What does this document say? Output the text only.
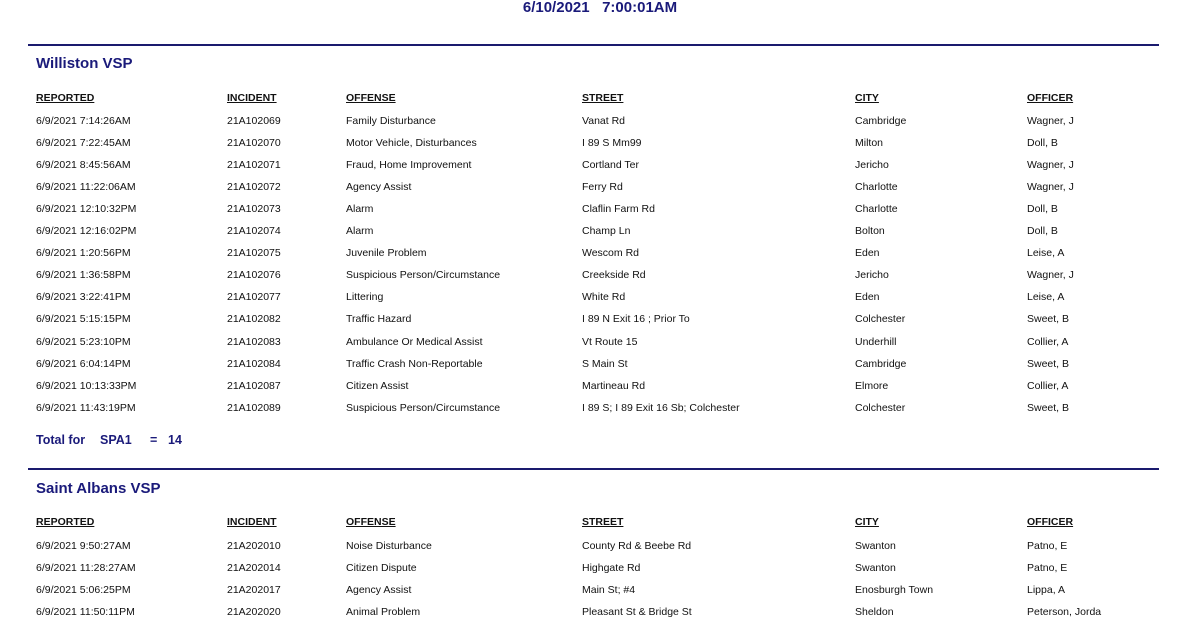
6/10/2021   7:00:01AM
Williston VSP
REPORTED	INCIDENT	OFFENSE	STREET	CITY	OFFICER
6/9/2021 7:14:26AM	21A102069	Family Disturbance	Vanat Rd	Cambridge	Wagner, J
6/9/2021 7:22:45AM	21A102070	Motor Vehicle, Disturbances	I 89 S Mm99	Milton	Doll, B
6/9/2021 8:45:56AM	21A102071	Fraud, Home Improvement	Cortland Ter	Jericho	Wagner, J
6/9/2021 11:22:06AM	21A102072	Agency Assist	Ferry Rd	Charlotte	Wagner, J
6/9/2021 12:10:32PM	21A102073	Alarm	Claflin Farm Rd	Charlotte	Doll, B
6/9/2021 12:16:02PM	21A102074	Alarm	Champ Ln	Bolton	Doll, B
6/9/2021 1:20:56PM	21A102075	Juvenile Problem	Wescom Rd	Eden	Leise, A
6/9/2021 1:36:58PM	21A102076	Suspicious Person/Circumstance	Creekside Rd	Jericho	Wagner, J
6/9/2021 3:22:41PM	21A102077	Littering	White Rd	Eden	Leise, A
6/9/2021 5:15:15PM	21A102082	Traffic Hazard	I 89 N Exit 16 ; Prior To	Colchester	Sweet, B
6/9/2021 5:23:10PM	21A102083	Ambulance Or Medical Assist	Vt Route 15	Underhill	Collier, A
6/9/2021 6:04:14PM	21A102084	Traffic Crash Non-Reportable	S Main St	Cambridge	Sweet, B
6/9/2021 10:13:33PM	21A102087	Citizen Assist	Martineau Rd	Elmore	Collier, A
6/9/2021 11:43:19PM	21A102089	Suspicious Person/Circumstance	I 89 S; I 89 Exit 16 Sb; Colchester	Colchester	Sweet, B
Total for SPA1 = 14
Saint Albans VSP
REPORTED	INCIDENT	OFFENSE	STREET	CITY	OFFICER
6/9/2021 9:50:27AM	21A202010	Noise Disturbance	County Rd & Beebe Rd	Swanton	Patno, E
6/9/2021 11:28:27AM	21A202014	Citizen Dispute	Highgate Rd	Swanton	Patno, E
6/9/2021 5:06:25PM	21A202017	Agency Assist	Main St; #4	Enosburgh Town	Lippa, A
6/9/2021 11:50:11PM	21A202020	Animal Problem	Pleasant St & Bridge St	Sheldon	Peterson, Jorda
